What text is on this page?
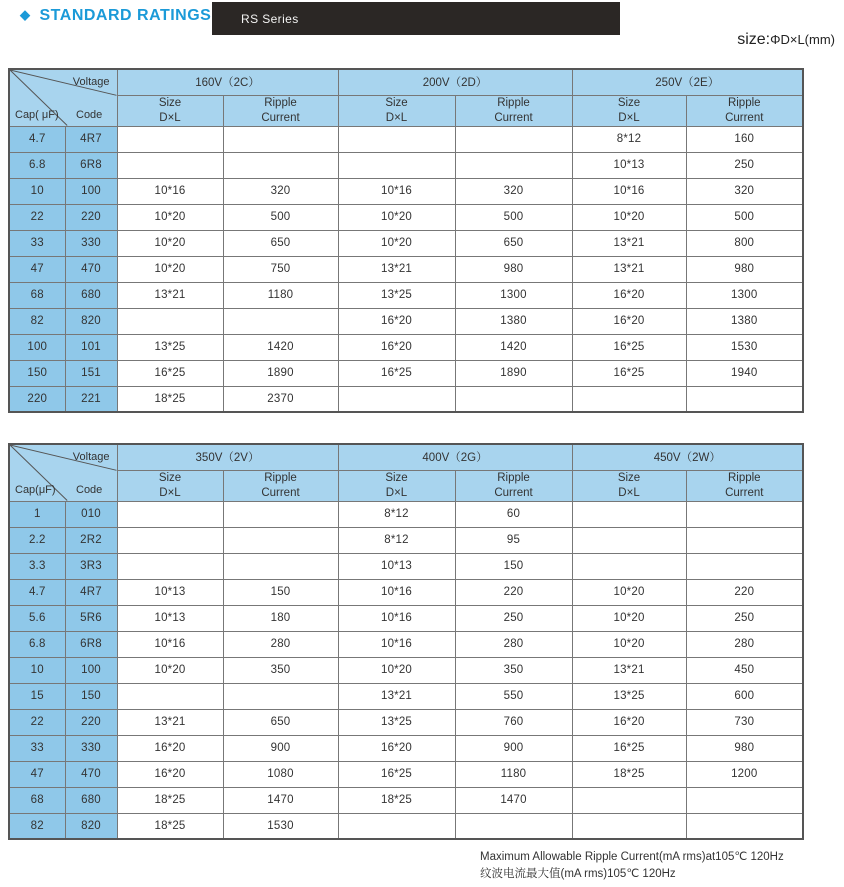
◆ STANDARD RATINGS RS Series
size:ΦD×L(mm)
Voltage
Cap( μF) Code		160V（2C）		200V（2D）		250V（2E）	

Size
D×L

Ripple
Current

Size
D×L

Ripple
Current

Size
D×L

Ripple
Current

4.7	4R7					8*12	160
6.8	6R8					10*13	250
10	100	10*16	320	10*16	320	10*16	320
22	220	10*20	500	10*20	500	10*20	500
33	330	10*20	650	10*20	650	13*21	800
47	470	10*20	750	13*21	980	13*21	980
68	680	13*21	1180	13*25	1300	16*20	1300
82	820			16*20	1380	16*20	1380
100	101	13*25	1420	16*20	1420	16*25	1530
150	151	16*25	1890	16*25	1890	16*25	1940
220	221	18*25	2370				
Voltage
Cap(μF) Code		350V（2V）		400V（2G）		450V（2W）	

Size
D×L

Ripple
Current

Size
D×L

Ripple
Current

Size
D×L

Ripple
Current

1	010			8*12	60		
2.2	2R2			8*12	95		
3.3	3R3			10*13	150		
4.7	4R7	10*13	150	10*16	220	10*20	220
5.6	5R6	10*13	180	10*16	250	10*20	250
6.8	6R8	10*16	280	10*16	280	10*20	280
10	100	10*20	350	10*20	350	13*21	450
15	150			13*21	550	13*25	600
22	220	13*21	650	13*25	760	16*20	730
33	330	16*20	900	16*20	900	16*25	980
47	470	16*20	1080	16*25	1180	18*25	1200
68	680	18*25	1470	18*25	1470		
82	820	18*25	1530				
Maximum Allowable Ripple Current(mA rms)at105℃ 120Hz
纹波电流最大值(mA rms)105℃ 120Hz
